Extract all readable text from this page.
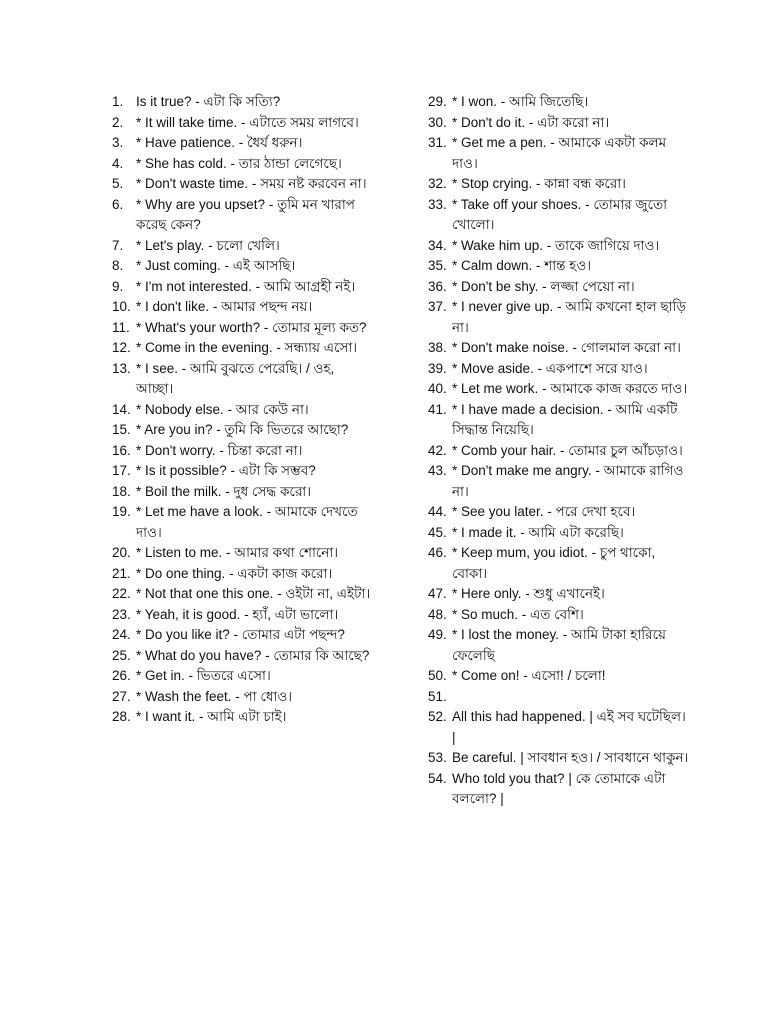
1. Is it true? - এটা কি সত্যি?
2. * It will take time. - এটাতে সময় লাগবে।
3. * Have patience. - ধৈর্য ধরুন।
4. * She has cold. - তার ঠান্ডা লেগেছে।
5. * Don't waste time. - সময় নষ্ট করবেন না।
6. * Why are you upset? - তুমি মন খারাপ করেছ কেন?
7. * Let's play. - চলো খেলি।
8. * Just coming. - এই আসছি।
9. * I'm not interested. - আমি আগ্রহী নই।
10. * I don't like. - আমার পছন্দ নয়।
11. * What's your worth? - তোমার মূল্য কত?
12. * Come in the evening. - সন্ধ্যায় এসো।
13. * I see. - আমি বুঝতে পেরেছি। / ওহ, আচ্ছা।
14. * Nobody else. - আর কেউ না।
15. * Are you in? - তুমি কি ভিতরে আছো?
16. * Don't worry. - চিন্তা করো না।
17. * Is it possible? - এটা কি সম্ভব?
18. * Boil the milk. - দুধ সেদ্ধ করো।
19. * Let me have a look. - আমাকে দেখতে দাও।
20. * Listen to me. - আমার কথা শোনো।
21. * Do one thing. - একটা কাজ করো।
22. * Not that one this one. - ওইটা না, এইটা।
23. * Yeah, it is good. - হ্যাঁ, এটা ভালো।
24. * Do you like it? - তোমার এটা পছন্দ?
25. * What do you have? - তোমার কি আছে?
26. * Get in. - ভিতরে এসো।
27. * Wash the feet. - পা ধোও।
28. * I want it. - আমি এটা চাই।
29. * I won. - আমি জিতেছি।
30. * Don't do it. - এটা করো না।
31. * Get me a pen. - আমাকে একটা কলম দাও।
32. * Stop crying. - কান্না বন্ধ করো।
33. * Take off your shoes. - তোমার জুতো খোলো।
34. * Wake him up. - তাকে জাগিয়ে দাও।
35. * Calm down. - শান্ত হও।
36. * Don't be shy. - লজ্জা পেয়ো না।
37. * I never give up. - আমি কখনো হাল ছাড়ি না।
38. * Don't make noise. - গোলমাল করো না।
39. * Move aside. - একপাশে সরে যাও।
40. * Let me work. - আমাকে কাজ করতে দাও।
41. * I have made a decision. - আমি একটি সিদ্ধান্ত নিয়েছি।
42. * Comb your hair. - তোমার চুল আঁচড়াও।
43. * Don't make me angry. - আমাকে রাগিও না।
44. * See you later. - পরে দেখা হবে।
45. * I made it. - আমি এটা করেছি।
46. * Keep mum, you idiot. - চুপ থাকো, বোকা।
47. * Here only. - শুধু এখানেই।
48. * So much. - এত বেশি।
49. * I lost the money. - আমি টাকা হারিয়ে ফেলেছি
50. * Come on! - এসো! / চলো!
51.
52. All this had happened. | এই সব ঘটেছিল। |
53. Be careful. | সাবধান হও। / সাবধানে থাকুন।
54. Who told you that? | কে তোমাকে এটা বললো? |
